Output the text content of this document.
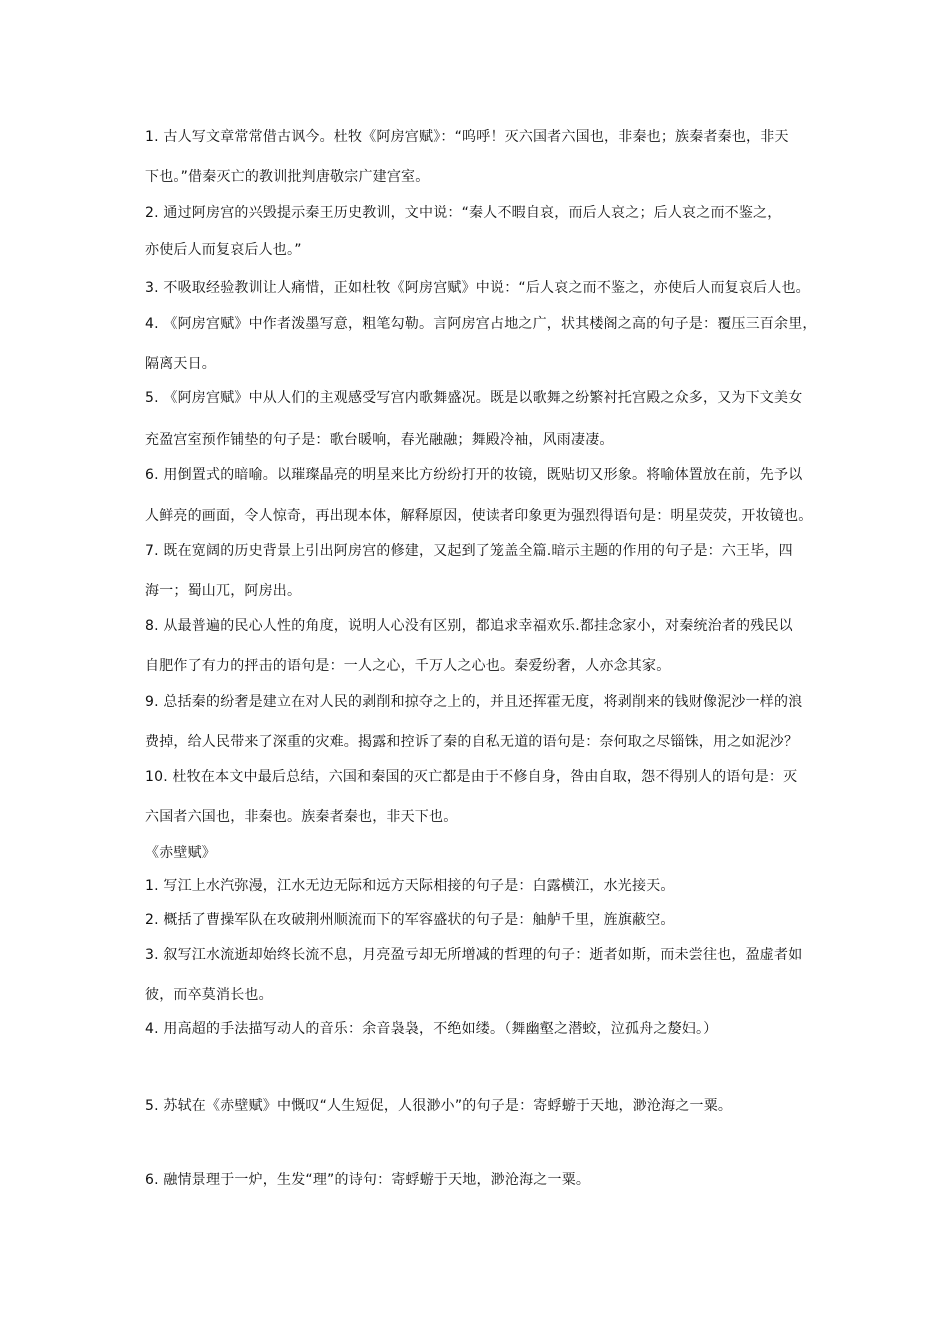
1. 古人写文章常常借古讽今。杜牧《阿房宫赋》：“呜呼！灭六国者六国也，非秦也；族秦者秦也，非天
下也。”借秦灭亡的教训批判唐敬宗广建宫室。
2. 通过阿房宫的兴毁提示秦王历史教训，文中说：“秦人不暇自哀，而后人哀之；后人哀之而不鉴之，
亦使后人而复哀后人也。”
3. 不吸取经验教训让人痛惜，正如杜牧《阿房宫赋》中说：“后人哀之而不鉴之，亦使后人而复哀后人也。
4. 《阿房宫赋》中作者泼墨写意，粗笔勾勒。言阿房宫占地之广，状其楼阁之高的句子是：覆压三百余里，
隔离天日。
5. 《阿房宫赋》中从人们的主观感受写宫内歌舞盛况。既是以歌舞之纷繁衬托宫殿之众多，又为下文美女
充盈宫室预作铺垫的句子是：歌台暖响，春光融融；舞殿冷袖，风雨凄凄。
6. 用倒置式的暗喻。以璀璨晶亮的明星来比方纷纷打开的妆镜，既贴切又形象。将喻体置放在前，先予以
人鲜亮的画面，令人惊奇，再出现本体，解释原因，使读者印象更为强烈得语句是：明星荧荧，开妆镜也。
7. 既在宽阔的历史背景上引出阿房宫的修建，又起到了笼盖全篇.暗示主题的作用的句子是：六王毕，四
海一；蜀山兀，阿房出。
8. 从最普遍的民心人性的角度，说明人心没有区别，都追求幸福欢乐.都挂念家小，对秦统治者的残民以
自肥作了有力的抨击的语句是：一人之心，千万人之心也。秦爱纷奢，人亦念其家。
9. 总括秦的纷奢是建立在对人民的剥削和掠夺之上的，并且还挥霍无度，将剥削来的钱财像泥沙一样的浪
费掉，给人民带来了深重的灾难。揭露和控诉了秦的自私无道的语句是：奈何取之尽锱铢，用之如泥沙？
10. 杜牧在本文中最后总结，六国和秦国的灭亡都是由于不修自身，咎由自取，怨不得别人的语句是：灭
六国者六国也，非秦也。族秦者秦也，非天下也。
《赤壁赋》
1. 写江上水汽弥漫，江水无边无际和远方天际相接的句子是：白露横江，水光接天。
2. 概括了曹操军队在攻破荆州顺流而下的军容盛状的句子是：舳舻千里，旌旗蔽空。
3. 叙写江水流逝却始终长流不息，月亮盈亏却无所增减的哲理的句子：逝者如斯，而未尝往也，盈虚者如
彼，而卒莫消长也。
4. 用高超的手法描写动人的音乐：余音袅袅，不绝如缕。（舞幽壑之潜蛟，泣孤舟之嫠妇。）
5. 苏轼在《赤壁赋》中慨叹“人生短促，人很渺小”的句子是：寄蜉蝣于天地，渺沧海之一粟。
6. 融情景理于一炉，生发“理”的诗句：寄蜉蝣于天地，渺沧海之一粟。
